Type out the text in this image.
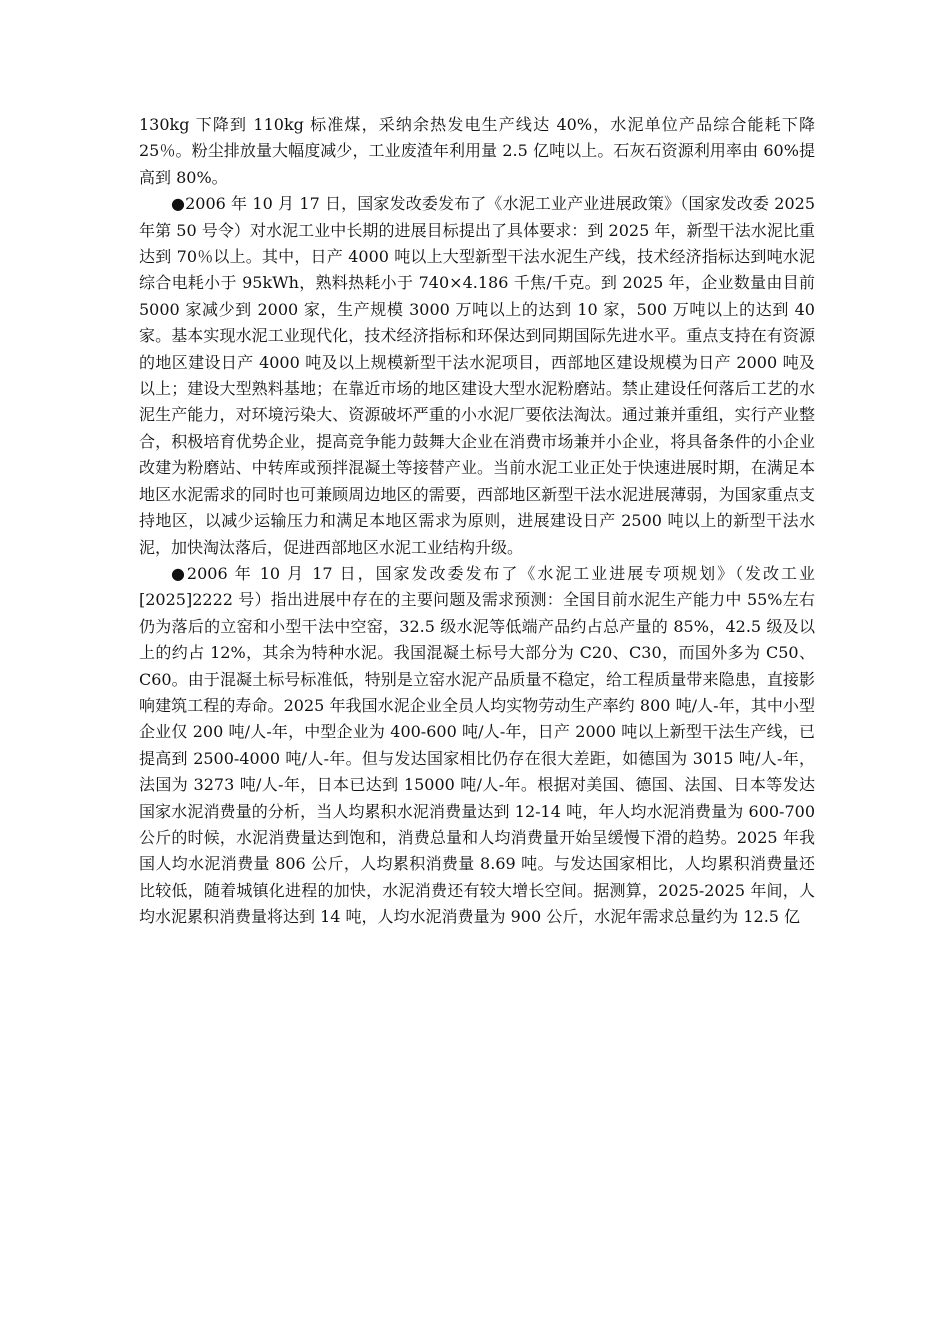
130kg 下降到 110kg 标准煤，采纳余热发电生产线达 40%，水泥单位产品综合能耗下降 25％。粉尘排放量大幅度减少，工业废渣年利用量 2.5 亿吨以上。石灰石资源利用率由 60%提高到 80%。

●2006 年 10 月 17 日，国家发改委发布了《水泥工业产业进展政策》（国家发改委 2025 年第 50 号令）对水泥工业中长期的进展目标提出了具体要求：到 2025 年，新型干法水泥比重达到 70％以上。其中，日产 4000 吨以上大型新型干法水泥生产线，技术经济指标达到吨水泥综合电耗小于 95kWh，熟料热耗小于 740×4.186 千焦/千克。到 2025 年，企业数量由目前 5000 家减少到 2000 家，生产规模 3000 万吨以上的达到 10 家，500 万吨以上的达到 40 家。基本实现水泥工业现代化，技术经济指标和环保达到同期国际先进水平。重点支持在有资源的地区建设日产 4000 吨及以上规模新型干法水泥项目，西部地区建设规模为日产 2000 吨及以上；建设大型熟料基地；在靠近市场的地区建设大型水泥粉磨站。禁止建设任何落后工艺的水泥生产能力，对环境污染大、资源破坏严重的小水泥厂要依法淘汰。通过兼并重组，实行产业整合，积极培育优势企业，提高竞争能力鼓舞大企业在消费市场兼并小企业，将具备条件的小企业改建为粉磨站、中转库或预拌混凝土等接替产业。当前水泥工业正处于快速进展时期，在满足本地区水泥需求的同时也可兼顾周边地区的需要，西部地区新型干法水泥进展薄弱，为国家重点支持地区，以减少运输压力和满足本地区需求为原则，进展建设日产 2500 吨以上的新型干法水泥，加快淘汰落后，促进西部地区水泥工业结构升级。

●2006 年 10 月 17 日，国家发改委发布了《水泥工业进展专项规划》（发改工业[2025]2222 号）指出进展中存在的主要问题及需求预测：全国目前水泥生产能力中 55%左右仍为落后的立窑和小型干法中空窑，32.5 级水泥等低端产品约占总产量的 85%，42.5 级及以上的约占 12%，其余为特种水泥。我国混凝土标号大部分为 C20、C30，而国外多为 C50、C60。由于混凝土标号标准低，特别是立窑水泥产品质量不稳定，给工程质量带来隐患，直接影响建筑工程的寿命。2025 年我国水泥企业全员人均实物劳动生产率约 800 吨/人-年，其中小型企业仅 200 吨/人-年，中型企业为 400-600 吨/人-年，日产 2000 吨以上新型干法生产线，已提高到 2500-4000 吨/人-年。但与发达国家相比仍存在很大差距，如德国为 3015 吨/人-年，法国为 3273 吨/人-年，日本已达到 15000 吨/人-年。根据对美国、德国、法国、日本等发达国家水泥消费量的分析，当人均累积水泥消费量达到 12-14 吨，年人均水泥消费量为 600-700 公斤的时候，水泥消费量达到饱和，消费总量和人均消费量开始呈缓慢下滑的趋势。2025 年我国人均水泥消费量 806 公斤，人均累积消费量 8.69 吨。与发达国家相比，人均累积消费量还比较低，随着城镇化进程的加快，水泥消费还有较大增长空间。据测算，2025-2025 年间，人均水泥累积消费量将达到 14 吨，人均水泥消费量为 900 公斤，水泥年需求总量约为 12.5 亿
